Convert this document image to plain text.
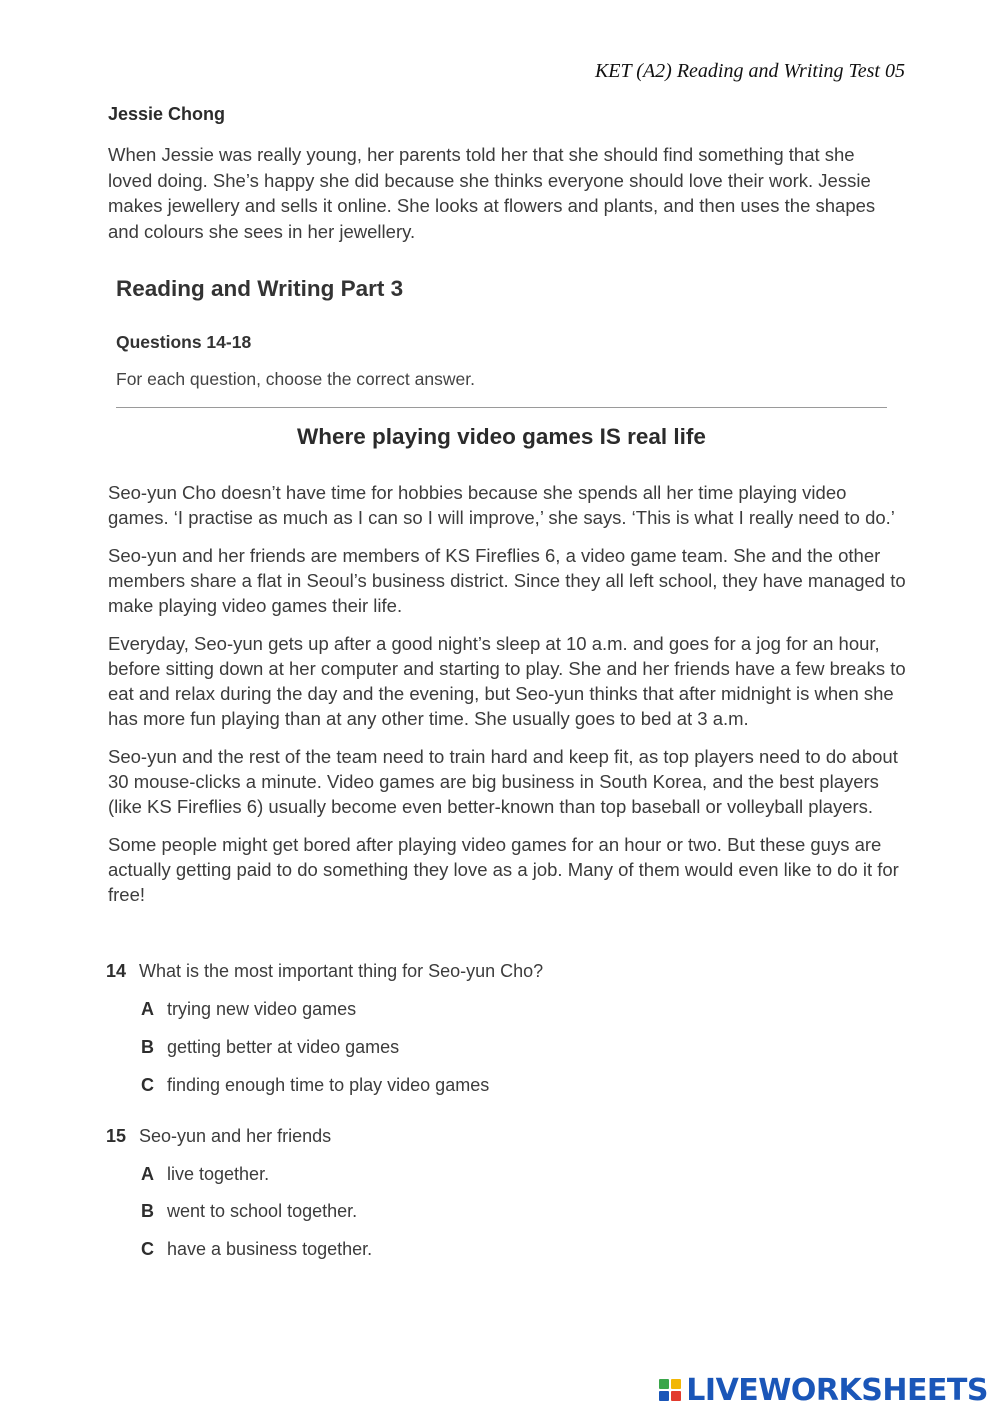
KET (A2) Reading and Writing Test 05
Jessie Chong
When Jessie was really young, her parents told her that she should find something that she loved doing. She’s happy she did because she thinks everyone should love their work. Jessie makes jewellery and sells it online. She looks at flowers and plants, and then uses the shapes and colours she sees in her jewellery.
Reading and Writing Part 3
Questions 14-18
For each question, choose the correct answer.
Where playing video games IS real life

Seo-yun Cho doesn’t have time for hobbies because she spends all her time playing video games. ‘I practise as much as I can so I will improve,’ she says. ‘This is what I really need to do.’

Seo-yun and her friends are members of KS Fireflies 6, a video game team. She and the other members share a flat in Seoul’s business district. Since they all left school, they have managed to make playing video games their life.

Everyday, Seo-yun gets up after a good night’s sleep at 10 a.m. and goes for a jog for an hour, before sitting down at her computer and starting to play. She and her friends have a few breaks to eat and relax during the day and the evening, but Seo-yun thinks that after midnight is when she has more fun playing than at any other time. She usually goes to bed at 3 a.m.

Seo-yun and the rest of the team need to train hard and keep fit, as top players need to do about 30 mouse-clicks a minute. Video games are big business in South Korea, and the best players (like KS Fireflies 6) usually become even better-known than top baseball or volleyball players.

Some people might get bored after playing video games for an hour or two. But these guys are actually getting paid to do something they love as a job. Many of them would even like to do it for free!

14 What is the most important thing for Seo-yun Cho?
A trying new video games
B getting better at video games
C finding enough time to play video games
15 Seo-yun and her friends
A live together.
B went to school together.
C have a business together.
LIVEWORKSHEETS
